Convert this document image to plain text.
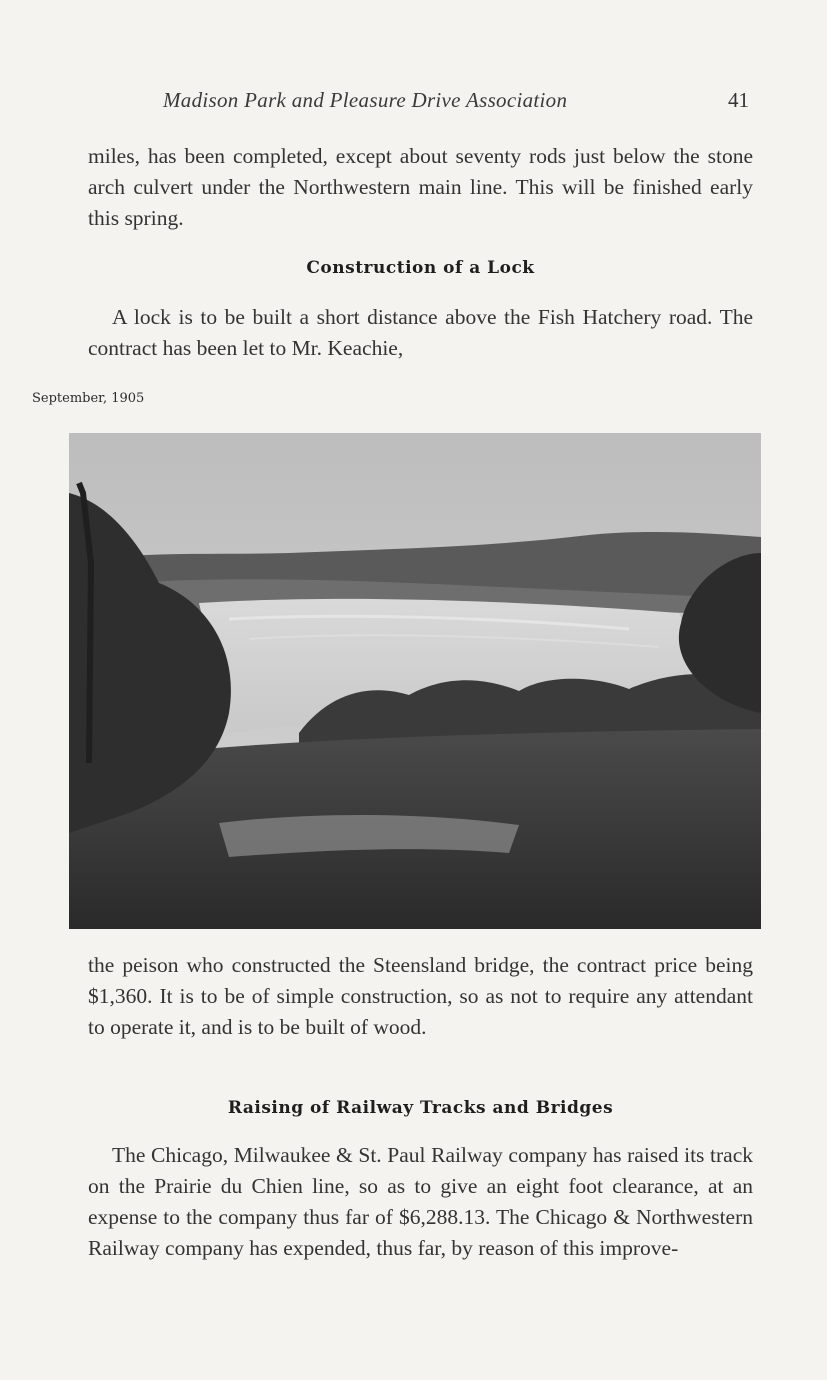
Madison Park and Pleasure Drive Association	41

miles, has been completed, except about seventy rods just below the stone arch culvert under the Northwestern main line. This will be finished early this spring.

Construction of a Lock

A lock is to be built a short distance above the Fish Hatchery road. The contract has been let to Mr. Keachie,

September, 1905

the peison who constructed the Steensland bridge, the contract price being $1,360. It is to be of simple construction, so as not to require any attendant to operate it, and is to be built of wood.

Raising of Railway Tracks and Bridges

The Chicago, Milwaukee & St. Paul Railway company has raised its track on the Prairie du Chien line, so as to give an eight foot clearance, at an expense to the company thus far of $6,288.13. The Chicago & Northwestern Railway company has expended, thus far, by reason of this improve-
